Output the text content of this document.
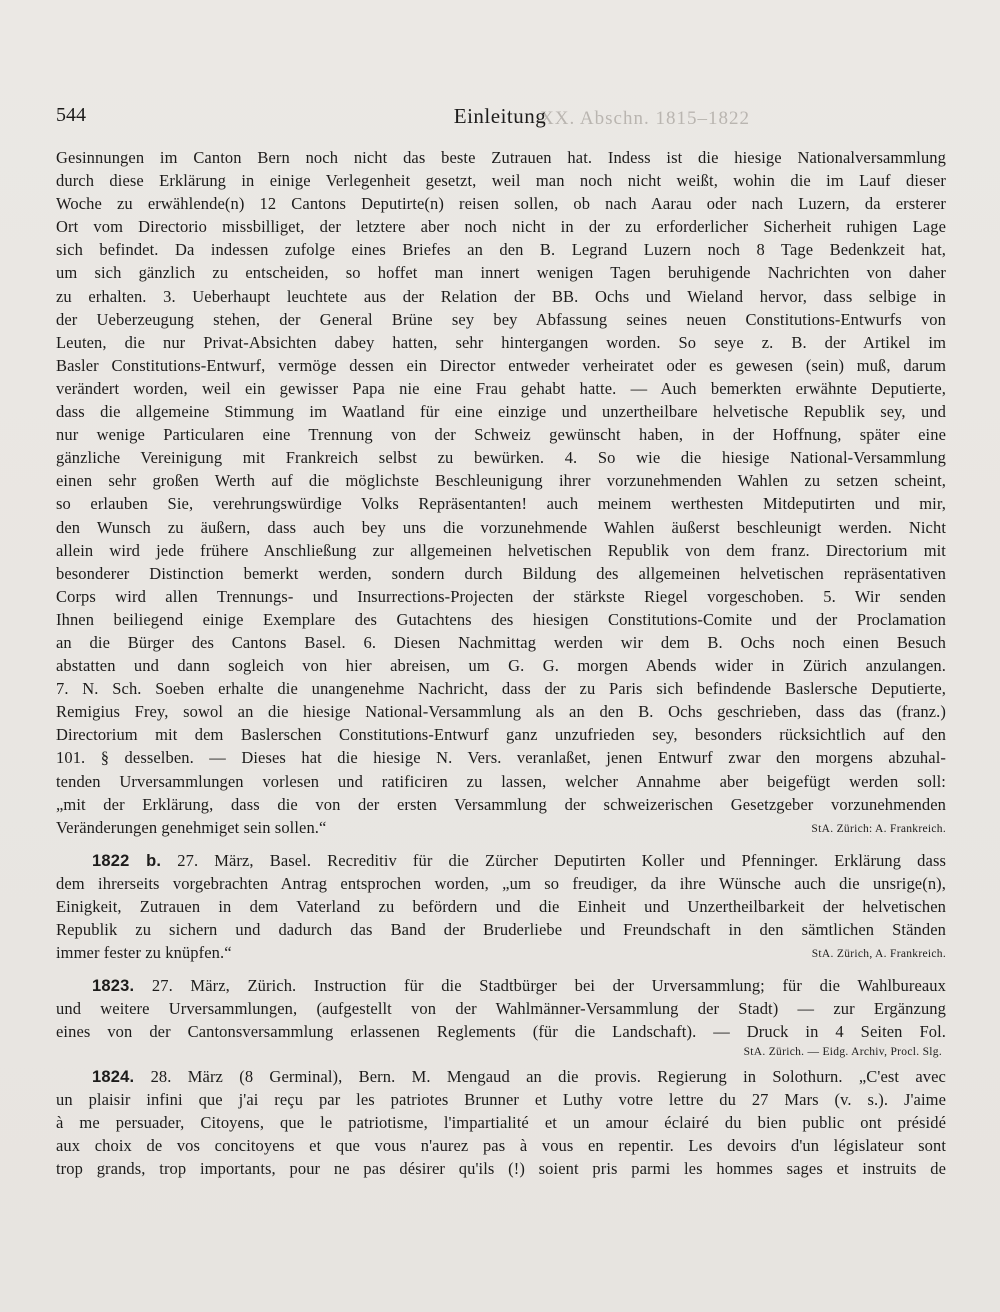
XX. Abschn. 1815–1822
544	Einleitung
Gesinnungen im Canton Bern noch nicht das beste Zutrauen hat. Indess ist die hiesige Nationalversammlung
durch diese Erklärung in einige Verlegenheit gesetzt, weil man noch nicht weißt, wohin die im Lauf dieser
Woche zu erwählende(n) 12 Cantons Deputirte(n) reisen sollen, ob nach Aarau oder nach Luzern, da ersterer
Ort vom Directorio missbilliget, der letztere aber noch nicht in der zu erforderlicher Sicherheit ruhigen Lage
sich befindet. Da indessen zufolge eines Briefes an den B. Legrand Luzern noch 8 Tage Bedenkzeit hat,
um sich gänzlich zu entscheiden, so hoffet man innert wenigen Tagen beruhigende Nachrichten von daher
zu erhalten. 3. Ueberhaupt leuchtete aus der Relation der BB. Ochs und Wieland hervor, dass selbige in
der Ueberzeugung stehen, der General Brüne sey bey Abfassung seines neuen Constitutions-Entwurfs von
Leuten, die nur Privat-Absichten dabey hatten, sehr hintergangen worden. So seye z. B. der Artikel im
Basler Constitutions-Entwurf, vermöge dessen ein Director entweder verheiratet oder es gewesen (sein) muß, darum
verändert worden, weil ein gewisser Papa nie eine Frau gehabt hatte. — Auch bemerkten erwähnte Deputierte,
dass die allgemeine Stimmung im Waatland für eine einzige und unzertheilbare helvetische Republik sey, und
nur wenige Particularen eine Trennung von der Schweiz gewünscht haben, in der Hoffnung, später eine
gänzliche Vereinigung mit Frankreich selbst zu bewürken. 4. So wie die hiesige National-Versammlung
einen sehr großen Werth auf die möglichste Beschleunigung ihrer vorzunehmenden Wahlen zu setzen scheint,
so erlauben Sie, verehrungswürdige Volks Repräsentanten! auch meinem werthesten Mitdeputirten und mir,
den Wunsch zu äußern, dass auch bey uns die vorzunehmende Wahlen äußerst beschleunigt werden. Nicht
allein wird jede frühere Anschließung zur allgemeinen helvetischen Republik von dem franz. Directorium mit
besonderer Distinction bemerkt werden, sondern durch Bildung des allgemeinen helvetischen repräsentativen
Corps wird allen Trennungs- und Insurrections-Projecten der stärkste Riegel vorgeschoben. 5. Wir senden
Ihnen beiliegend einige Exemplare des Gutachtens des hiesigen Constitutions-Comite und der Proclamation
an die Bürger des Cantons Basel. 6. Diesen Nachmittag werden wir dem B. Ochs noch einen Besuch
abstatten und dann sogleich von hier abreisen, um G. G. morgen Abends wider in Zürich anzulangen.
7. N. Sch. Soeben erhalte die unangenehme Nachricht, dass der zu Paris sich befindende Baslersche Deputierte,
Remigius Frey, sowol an die hiesige National-Versammlung als an den B. Ochs geschrieben, dass das (franz.)
Directorium mit dem Baslerschen Constitutions-Entwurf ganz unzufrieden sey, besonders rücksichtlich auf den
101. § desselben. — Dieses hat die hiesige N. Vers. veranlaßet, jenen Entwurf zwar den morgens abzuhal-
tenden Urversammlungen vorlesen und ratificiren zu lassen, welcher Annahme aber beigefügt werden soll:
„mit der Erklärung, dass die von der ersten Versammlung der schweizerischen Gesetzgeber vorzunehmenden
Veränderungen genehmiget sein sollen.“	StA. Zürich: A. Frankreich.
1822 b. 27. März, Basel. Recreditiv für die Zürcher Deputirten Koller und Pfenninger. Erklärung dass
dem ihrerseits vorgebrachten Antrag entsprochen worden, „um so freudiger, da ihre Wünsche auch die unsrige(n),
Einigkeit, Zutrauen in dem Vaterland zu befördern und die Einheit und Unzertheilbarkeit der helvetischen
Republik zu sichern und dadurch das Band der Bruderliebe und Freundschaft in den sämtlichen Ständen
immer fester zu knüpfen.“	StA. Zürich, A. Frankreich.
1823. 27. März, Zürich. Instruction für die Stadtbürger bei der Urversammlung; für die Wahlbureaux
und weitere Urversammlungen, (aufgestellt von der Wahlmänner-Versammlung der Stadt) — zur Ergänzung
eines von der Cantonsversammlung erlassenen Reglements (für die Landschaft). — Druck in 4 Seiten Fol.
StA. Zürich. — Eidg. Archiv, Procl. Slg.
1824. 28. März (8 Germinal), Bern. M. Mengaud an die provis. Regierung in Solothurn. „C'est avec
un plaisir infini que j'ai reçu par les patriotes Brunner et Luthy votre lettre du 27 Mars (v. s.). J'aime
à me persuader, Citoyens, que le patriotisme, l'impartialité et un amour éclairé du bien public ont présidé
aux choix de vos concitoyens et que vous n'aurez pas à vous en repentir. Les devoirs d'un législateur sont
trop grands, trop importants, pour ne pas désirer qu'ils (!) soient pris parmi les hommes sages et instruits de
